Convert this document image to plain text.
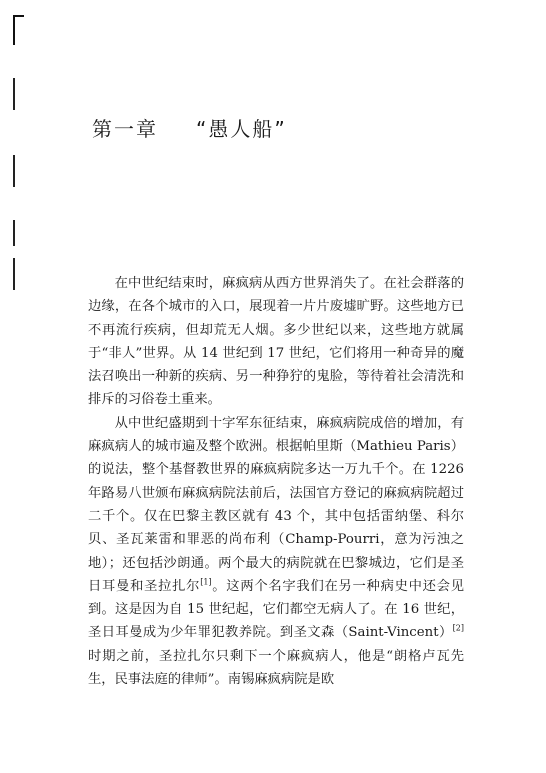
第一章 “愚人船”

在中世纪结束时，麻疯病从西方世界消失了。在社会群落的边缘，在各个城市的入口，展现着一片片废墟旷野。这些地方已不再流行疾病，但却荒无人烟。多少世纪以来，这些地方就属于“非人”世界。从 14 世纪到 17 世纪，它们将用一种奇异的魔法召唤出一种新的疾病、另一种狰狞的鬼脸，等待着社会清洗和排斥的习俗卷土重来。

从中世纪盛期到十字军东征结束，麻疯病院成倍的增加，有麻疯病人的城市遍及整个欧洲。根据帕里斯（Mathieu Paris）的说法，整个基督教世界的麻疯病院多达一万九千个。在 1226 年路易八世颁布麻疯病院法前后，法国官方登记的麻疯病院超过二千个。仅在巴黎主教区就有 43 个，其中包括雷纳堡、科尔贝、圣瓦莱雷和罪恶的尚布利（Champ-Pourri，意为污浊之地）；还包括沙朗通。两个最大的病院就在巴黎城边，它们是圣日耳曼和圣拉扎尔[1]。这两个名字我们在另一种病史中还会见到。这是因为自 15 世纪起，它们都空无病人了。在 16 世纪，圣日耳曼成为少年罪犯教养院。到圣文森（Saint-Vincent）[2]时期之前，圣拉扎尔只剩下一个麻疯病人，他是“朗格卢瓦先生，民事法庭的律师”。南锡麻疯病院是欧
